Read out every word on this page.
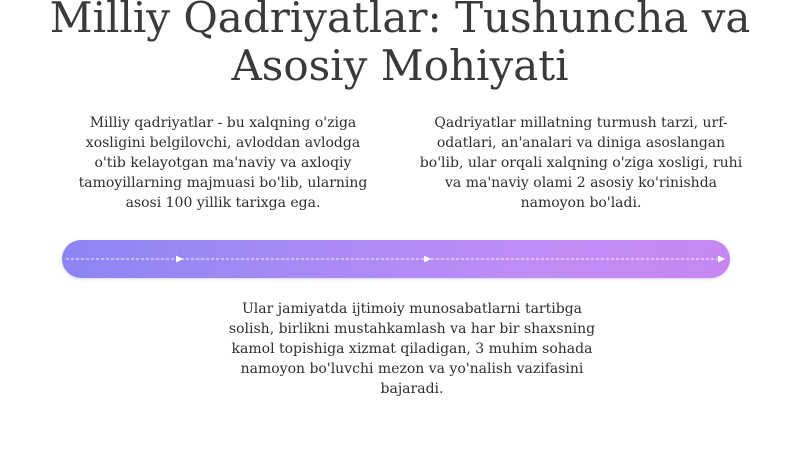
Milliy Qadriyatlar: Tushuncha va Asosiy Mohiyati

Milliy qadriyatlar - bu xalqning o'ziga xosligini belgilovchi, avloddan avlodga o'tib kelayotgan ma'naviy va axloqiy tamoyillarning majmuasi bo'lib, ularning asosi 100 yillik tarixga ega.

Qadriyatlar millatning turmush tarzi, urf-odatlari, an'analari va diniga asoslangan bo'lib, ular orqali xalqning o'ziga xosligi, ruhi va ma'naviy olami 2 asosiy ko'rinishda namoyon bo'ladi.

Ular jamiyatda ijtimoiy munosabatlarni tartibga solish, birlikni mustahkamlash va har bir shaxsning kamol topishiga xizmat qiladigan, 3 muhim sohada namoyon bo'luvchi mezon va yo'nalish vazifasini bajaradi.
